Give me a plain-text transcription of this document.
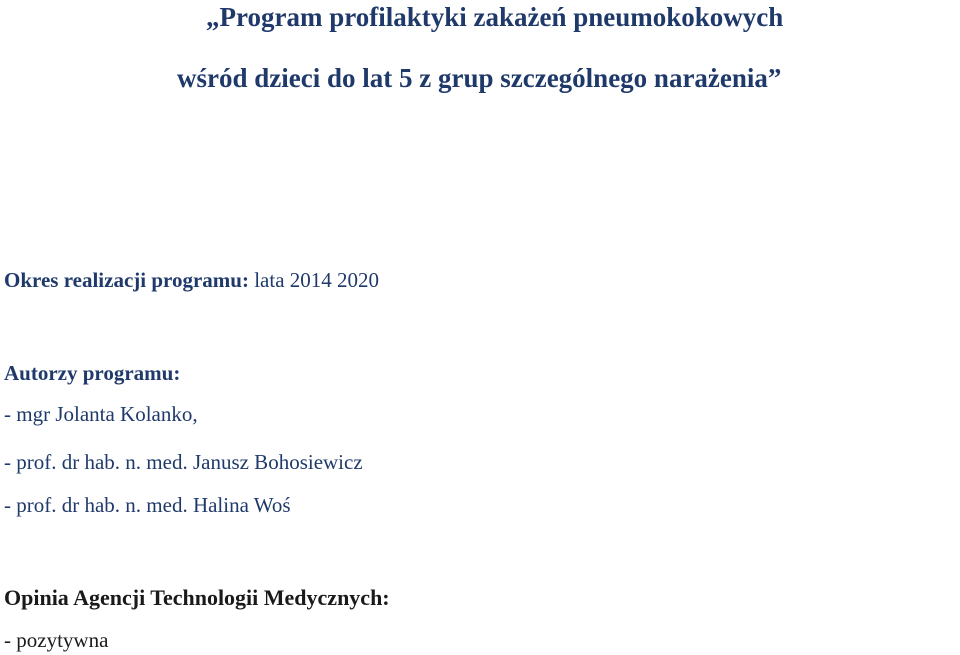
„Program profilaktyki zakażeń pneumokokowych
wśród dzieci do lat 5 z grup szczególnego narażenia”
Okres realizacji programu: lata 2014 2020
Autorzy programu:
- mgr Jolanta Kolanko,
- prof. dr hab. n. med. Janusz Bohosiewicz
- prof. dr hab. n. med. Halina Woś
Opinia Agencji Technologii Medycznych:
- pozytywna
